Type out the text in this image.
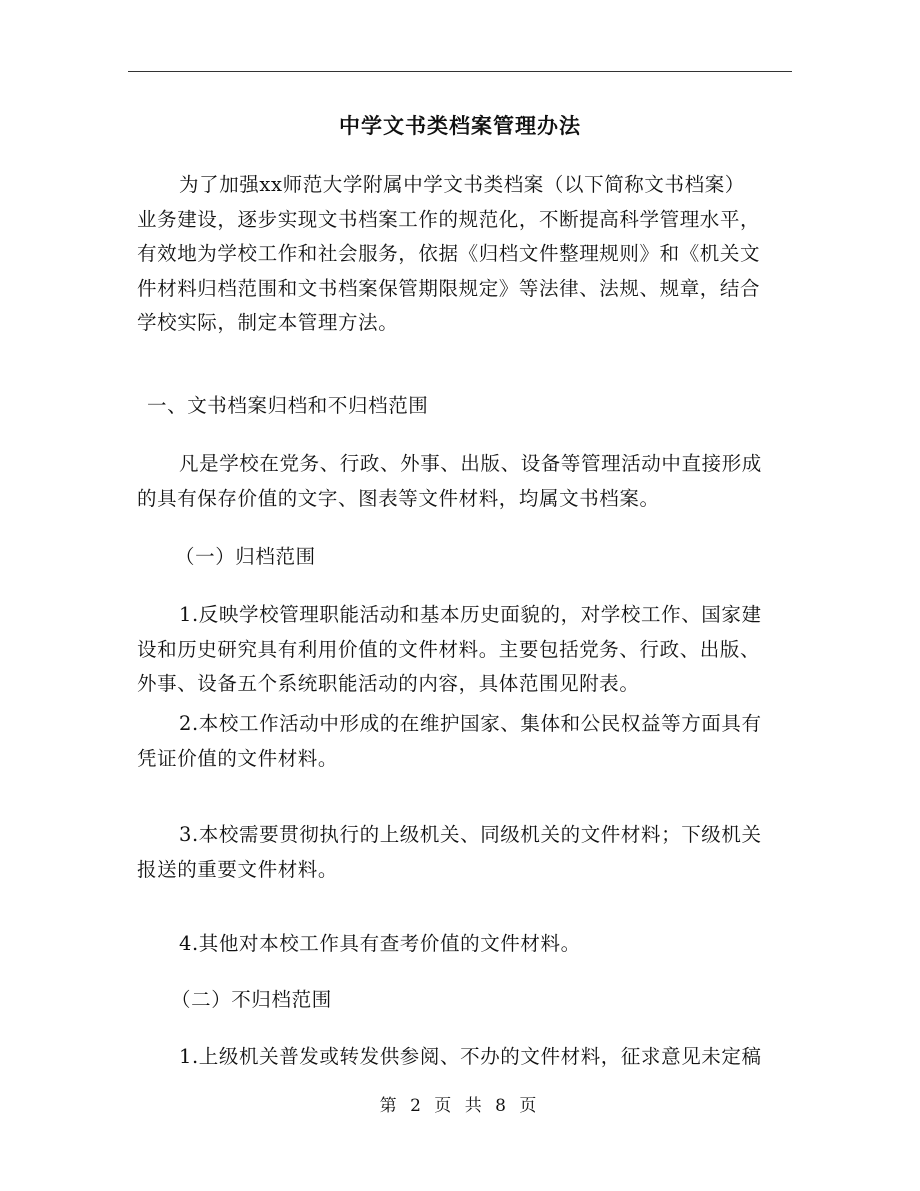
中学文书类档案管理办法

为了加强xx师范大学附属中学文书类档案（以下简称文书档案）
业务建设，逐步实现文书档案工作的规范化，不断提高科学管理水平，
有效地为学校工作和社会服务，依据《归档文件整理规则》和《机关文
件材料归档范围和文书档案保管期限规定》等法律、法规、规章，结合
学校实际，制定本管理方法。

一、文书档案归档和不归档范围

凡是学校在党务、行政、外事、出版、设备等管理活动中直接形成
的具有保存价值的文字、图表等文件材料，均属文书档案。

（一）归档范围

1.反映学校管理职能活动和基本历史面貌的，对学校工作、国家建
设和历史研究具有利用价值的文件材料。主要包括党务、行政、出版、
外事、设备五个系统职能活动的内容，具体范围见附表。

2.本校工作活动中形成的在维护国家、集体和公民权益等方面具有
凭证价值的文件材料。

3.本校需要贯彻执行的上级机关、同级机关的文件材料；下级机关
报送的重要文件材料。

4.其他对本校工作具有查考价值的文件材料。

（二）不归档范围

1.上级机关普发或转发供参阅、不办的文件材料，征求意见未定稿

第 2 页 共 8 页
